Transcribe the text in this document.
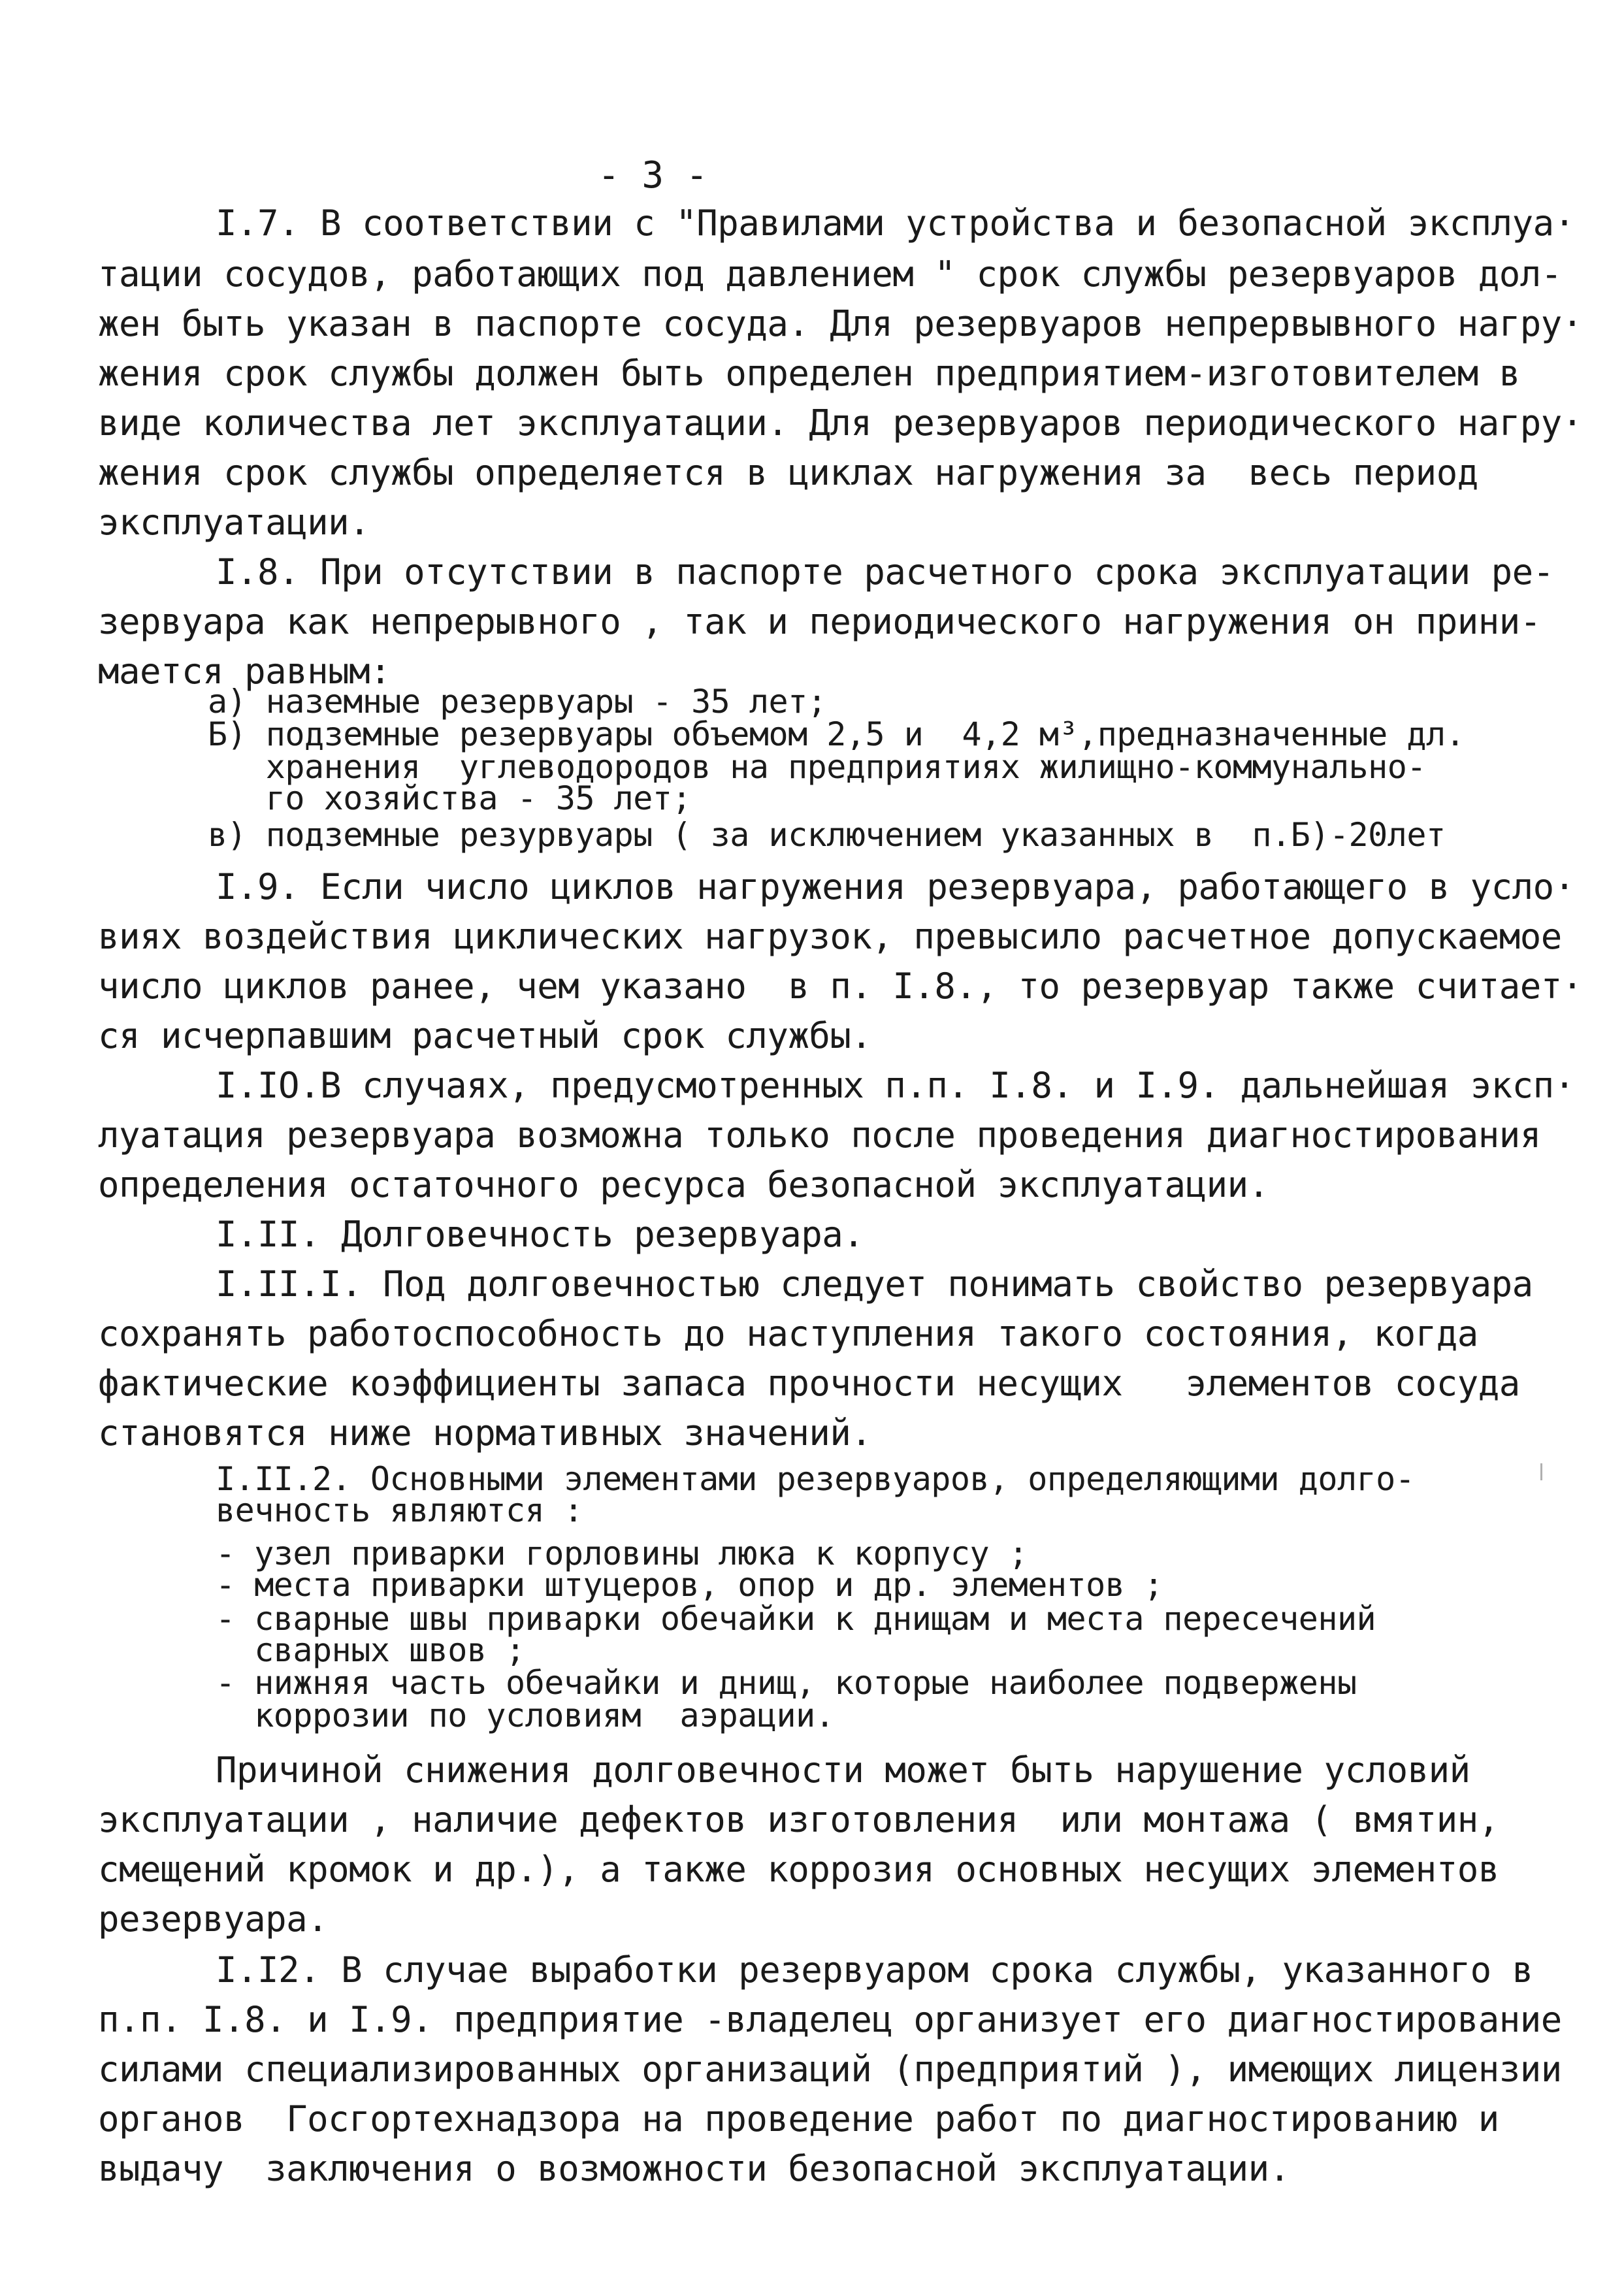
- 3 -
I.7. В соответствии с "Правилами устройства и безопасной эксплуа·
тации сосудов, работающих под давлением " срок службы резервуаров дол-
жен быть указан в паспорте сосуда. Для резервуаров непрервывного нагру·
жения срок службы должен быть определен предприятием-изготовителем в
виде количества лет эксплуатации. Для резервуаров периодического нагру·
жения срок службы определяется в циклах нагружения за  весь период
эксплуатации.
I.8. При отсутствии в паспорте расчетного срока эксплуатации ре-
зервуара как непрерывного , так и периодического нагружения он прини-
мается равным:
а) наземные резервуары - 35 лет;
Б) подземные резервуары объемом 2,5 и  4,2 м³,предназначенные дл.
хранения  углеводородов на предприятиях жилищно-коммунально-
го хозяйства - 35 лет;
в) подземные резурвуары ( за исключением указанных в  п.Б)-20лет
I.9. Если число циклов нагружения резервуара, работающего в усло·
виях воздействия циклических нагрузок, превысило расчетное допускаемое
число циклов ранее, чем указано  в п. I.8., то резервуар также считает·
ся исчерпавшим расчетный срок службы.
I.IO.В случаях, предусмотренных п.п. I.8. и I.9. дальнейшая эксп·
луатация резервуара возможна только после проведения диагностирования
определения остаточного ресурса безопасной эксплуатации.
I.II. Долговечность резервуара.
I.II.I. Под долговечностью следует понимать свойство резервуара
сохранять работоспособность до наступления такого состояния, когда
фактические коэффициенты запаса прочности несущих   элементов сосуда
становятся ниже нормативных значений.
I.II.2. Основными элементами резервуаров, определяющими долго-
вечность являются :
- узел приварки горловины люка к корпусу ;
- места приварки штуцеров, опор и др. элементов ;
- сварные швы приварки обечайки к днищам и места пересечений
сварных швов ;
- нижняя часть обечайки и днищ, которые наиболее подвержены
коррозии по условиям  аэрации.
Причиной снижения долговечности может быть нарушение условий
эксплуатации , наличие дефектов изготовления  или монтажа ( вмятин,
смещений кромок и др.), а также коррозия основных несущих элементов
резервуара.
I.I2. В случае выработки резервуаром срока службы, указанного в
п.п. I.8. и I.9. предприятие -владелец организует его диагностирование
силами специализированных организаций (предприятий ), имеющих лицензии
органов  Госгортехнадзора на проведение работ по диагностированию и
выдачу  заключения о возможности безопасной эксплуатации.
